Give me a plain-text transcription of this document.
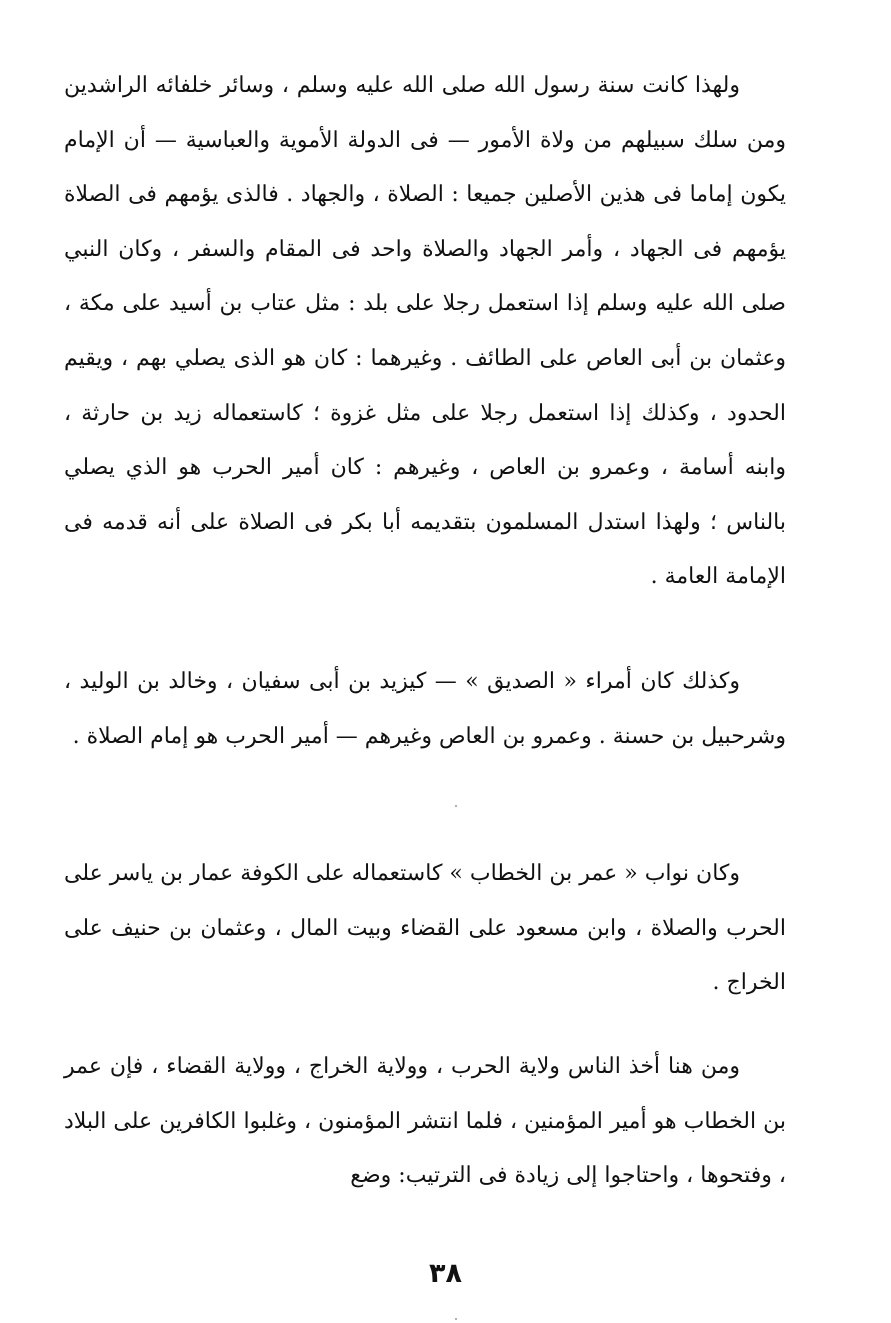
ولهذا كانت سنة رسول الله صلى الله عليه وسلم ، وسائر خلفائه الراشدين ومن سلك سبيلهم من ولاة الأمور — فى الدولة الأموية والعباسية — أن الإمام يكون إماما فى هذين الأصلين جميعا : الصلاة ، والجهاد . فالذى يؤمهم فى الصلاة يؤمهم فى الجهاد ، وأمر الجهاد والصلاة واحد فى المقام والسفر ، وكان النبي صلى الله عليه وسلم إذا استعمل رجلا على بلد : مثل عتاب بن أسيد على مكة ، وعثمان بن أبى العاص على الطائف . وغيرهما : كان هو الذى يصلي بهم ، ويقيم الحدود ، وكذلك إذا استعمل رجلا على مثل غزوة ؛ كاستعماله زيد بن حارثة ، وابنه أسامة ، وعمرو بن العاص ، وغيرهم : كان أمير الحرب هو الذي يصلي بالناس ؛ ولهذا استدل المسلمون بتقديمه أبا بكر فى الصلاة على أنه قدمه فى الإمامة العامة .

وكذلك كان أمراء « الصديق » — كيزيد بن أبى سفيان ، وخالد بن الوليد ، وشرحبيل بن حسنة . وعمرو بن العاص وغيرهم — أمير الحرب هو إمام الصلاة .

وكان نواب « عمر بن الخطاب » كاستعماله على الكوفة عمار بن ياسر على الحرب والصلاة ، وابن مسعود على القضاء وبيت المال ، وعثمان بن حنيف على الخراج .

ومن هنا أخذ الناس ولاية الحرب ، وولاية الخراج ، وولاية القضاء ، فإن عمر بن الخطاب هو أمير المؤمنين ، فلما انتشر المؤمنون ، وغلبوا الكافرين على البلاد ، وفتحوها ، واحتاجوا إلى زيادة فى الترتيب: وضع

٣٨
